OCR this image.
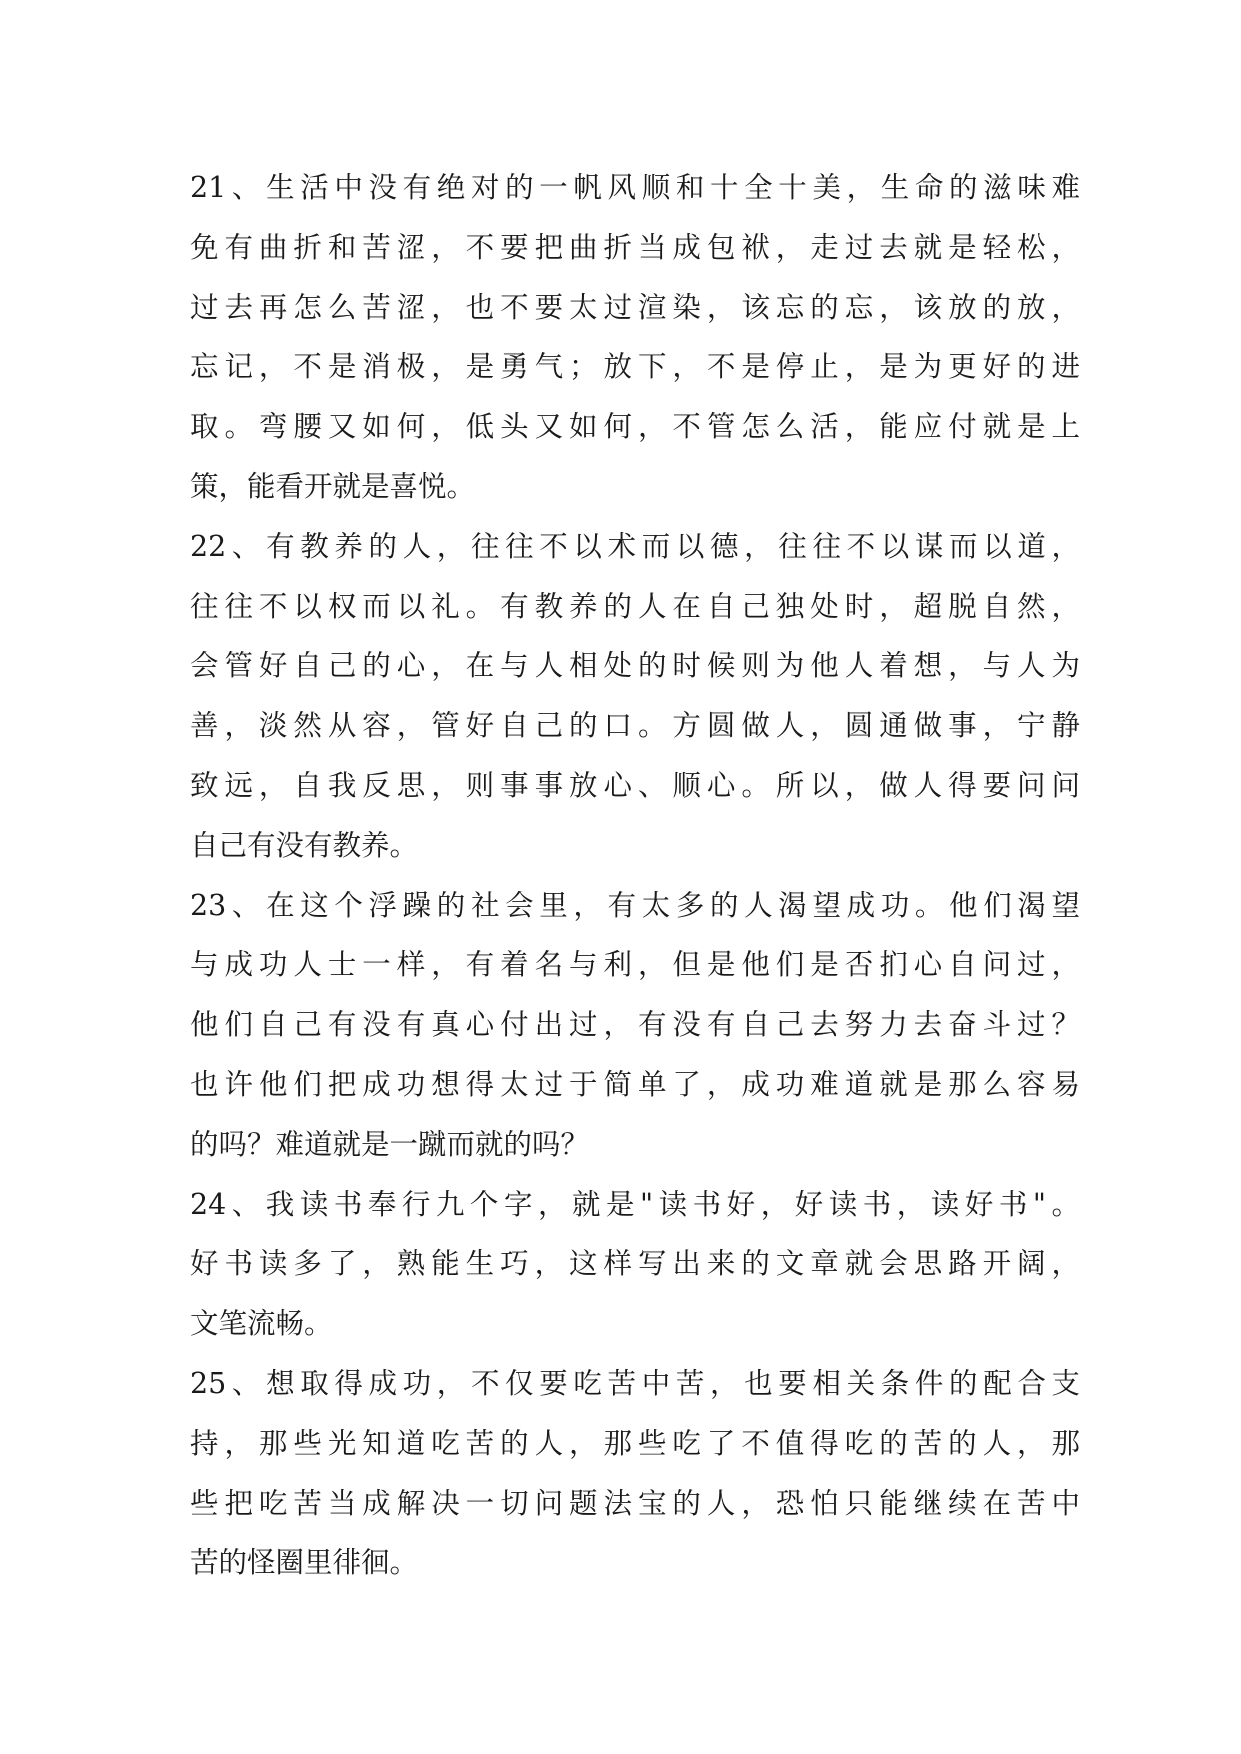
21、生活中没有绝对的一帆风顺和十全十美，生命的滋味难
免有曲折和苦涩，不要把曲折当成包袱，走过去就是轻松，
过去再怎么苦涩，也不要太过渲染，该忘的忘，该放的放，
忘记，不是消极，是勇气；放下，不是停止，是为更好的进
取。弯腰又如何，低头又如何，不管怎么活，能应付就是上
策，能看开就是喜悦。
22、有教养的人，往往不以术而以德，往往不以谋而以道，
往往不以权而以礼。有教养的人在自己独处时，超脱自然，
会管好自己的心，在与人相处的时候则为他人着想，与人为
善，淡然从容，管好自己的口。方圆做人，圆通做事，宁静
致远，自我反思，则事事放心、顺心。所以，做人得要问问
自己有没有教养。
23、在这个浮躁的社会里，有太多的人渴望成功。他们渴望
与成功人士一样，有着名与利，但是他们是否扪心自问过，
他们自己有没有真心付出过，有没有自己去努力去奋斗过？
也许他们把成功想得太过于简单了，成功难道就是那么容易
的吗？难道就是一蹴而就的吗？
24、我读书奉行九个字，就是"读书好，好读书，读好书"。
好书读多了，熟能生巧，这样写出来的文章就会思路开阔，
文笔流畅。
25、想取得成功，不仅要吃苦中苦，也要相关条件的配合支
持，那些光知道吃苦的人，那些吃了不值得吃的苦的人，那
些把吃苦当成解决一切问题法宝的人，恐怕只能继续在苦中
苦的怪圈里徘徊。
